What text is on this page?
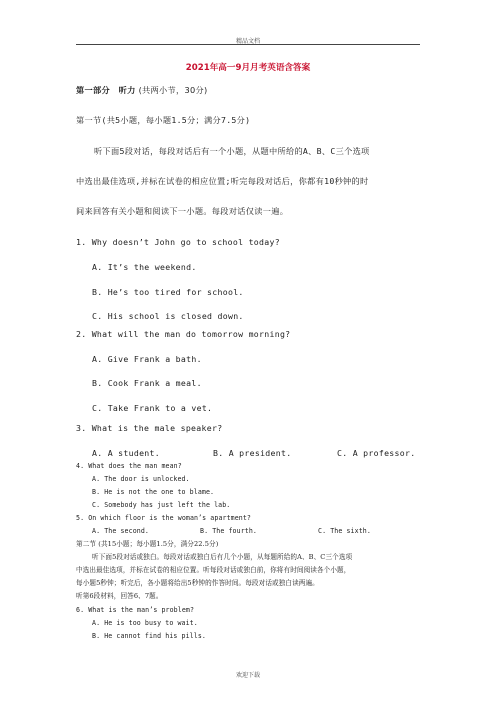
精品文档
2021年高一9月月考英语含答案
第一部分 听力 (共两小节，30分)
第一节(共5小题，每小题1.5分；满分7.5分)
听下面5段对话，每段对话后有一个小题，从题中所给的A、B、C三个选项
中选出最佳选项,并标在试卷的相应位置;听完每段对话后，你都有10秒钟的时
间来回答有关小题和阅读下一小题。每段对话仅读一遍。
1. Why doesn’t John go to school today?
A. It’s the weekend.
B. He’s too tired for school.
C. His school is closed down.
2. What will the man do tomorrow morning?
A. Give Frank a bath.
B. Cook Frank a meal.
C. Take Frank to a vet.
3. What is the male speaker?
A. A student.	B. A president.	C. A professor.
4. What does the man mean?
A. The door is unlocked.
B. He is not the one to blame.
C. Somebody has just left the lab.
5. On which floor is the woman’s apartment?
A. The second.	B. The fourth.	C. The sixth.
第二节 (共15小题；每小题1.5分，满分22.5分)
听下面5段对话或独白。每段对话或独白后有几个小题，从每题所给的A、B、C三个选项
中选出最佳选项，并标在试卷的相应位置。听每段对话或独白前，你将有时间阅读各个小题，
每小题5秒钟；听完后，各小题将给出5秒钟的作答时间。每段对话或独白读两遍。
听第6段材料，回答6、7题。
6. What is the man’s problem?
A. He is too busy to wait.
B. He cannot find his pills.
欢迎下载
